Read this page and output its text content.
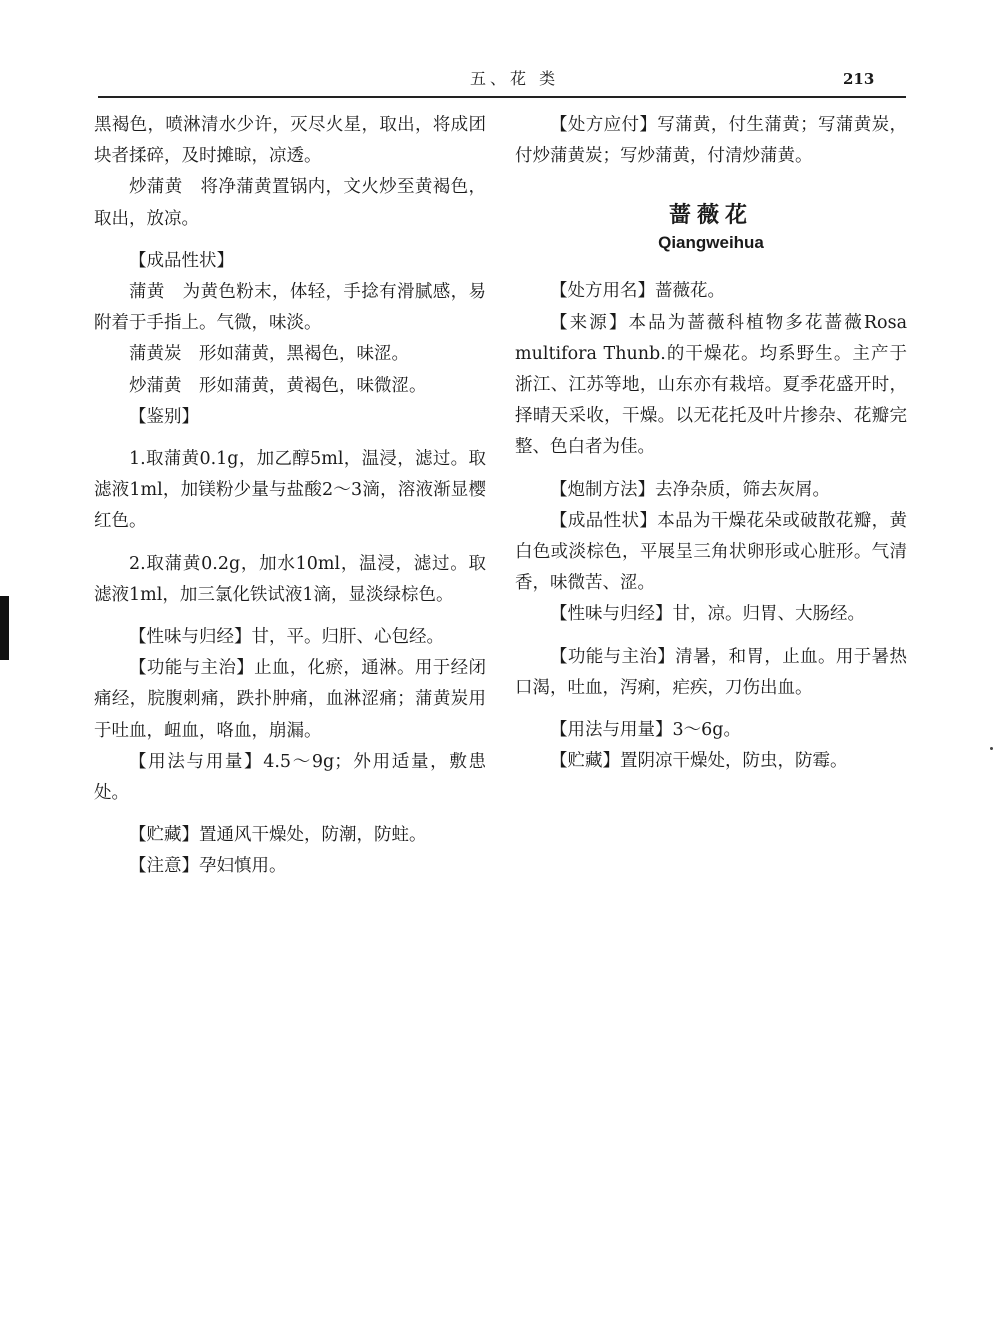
五、花 类	213

黑褐色，喷淋清水少许，灭尽火星，取出，将成团块者揉碎，及时摊晾，凉透。

炒蒲黄　将净蒲黄置锅内，文火炒至黄褐色，取出，放凉。

【成品性状】

蒲黄　为黄色粉末，体轻，手捻有滑腻感，易附着于手指上。气微，味淡。

蒲黄炭　形如蒲黄，黑褐色，味涩。

炒蒲黄　形如蒲黄，黄褐色，味微涩。

【鉴别】

1.取蒲黄0.1g，加乙醇5ml，温浸，滤过。取滤液1ml，加镁粉少量与盐酸2～3滴，溶液渐显樱红色。

2.取蒲黄0.2g，加水10ml，温浸，滤过。取滤液1ml，加三氯化铁试液1滴，显淡绿棕色。

【性味与归经】甘，平。归肝、心包经。

【功能与主治】止血，化瘀，通淋。用于经闭痛经，脘腹刺痛，跌扑肿痛，血淋涩痛；蒲黄炭用于吐血，衄血，咯血，崩漏。

【用法与用量】4.5～9g；外用适量，敷患处。

【贮藏】置通风干燥处，防潮，防蛀。

【注意】孕妇慎用。

【处方应付】写蒲黄，付生蒲黄；写蒲黄炭，付炒蒲黄炭；写炒蒲黄，付清炒蒲黄。

蔷薇花
Qiangweihua

【处方用名】蔷薇花。

【来源】本品为蔷薇科植物多花蔷薇Rosa multifora Thunb.的干燥花。均系野生。主产于浙江、江苏等地，山东亦有栽培。夏季花盛开时，择晴天采收，干燥。以无花托及叶片掺杂、花瓣完整、色白者为佳。

【炮制方法】去净杂质，筛去灰屑。

【成品性状】本品为干燥花朵或破散花瓣，黄白色或淡棕色，平展呈三角状卵形或心脏形。气清香，味微苦、涩。

【性味与归经】甘，凉。归胃、大肠经。

【功能与主治】清暑，和胃，止血。用于暑热口渴，吐血，泻痢，疟疾，刀伤出血。

【用法与用量】3～6g。

【贮藏】置阴凉干燥处，防虫，防霉。
